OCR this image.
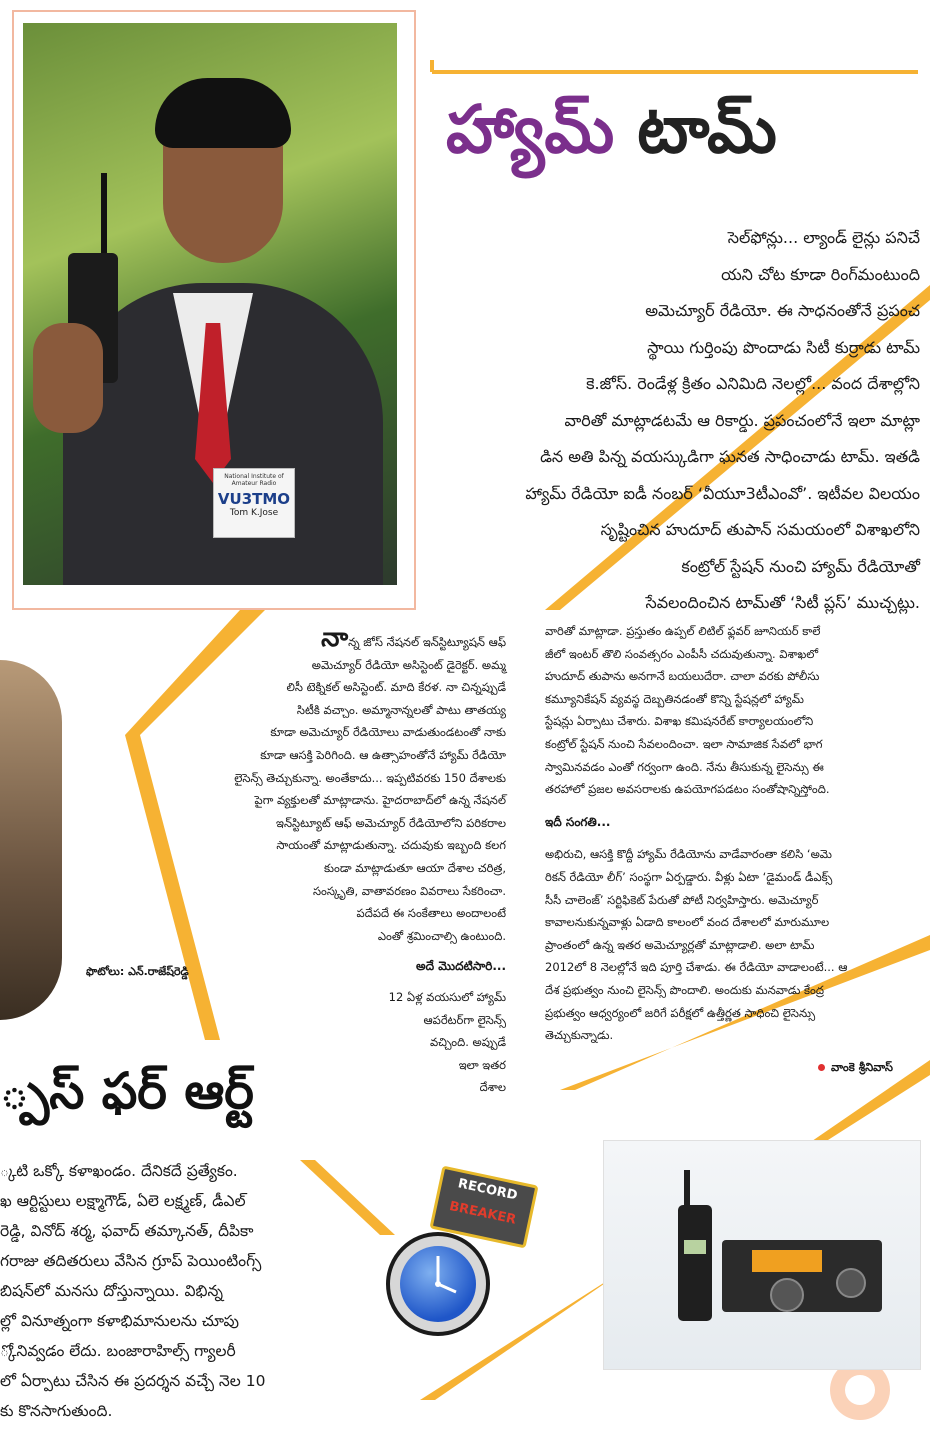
National Institute of Amateur Radio
VU3TMO
Tom K.Jose
హ్యామ్ టామ్
సెల్‌ఫోన్లు... ల్యాండ్ లైన్లు పనిచే
యని చోట కూడా రింగ్‌మంటుంది
అమెచ్యూర్ రేడియో. ఈ సాధనంతోనే ప్రపంచ
స్థాయి గుర్తింపు పొందాడు సిటీ కుర్రాడు టామ్
కె.జోస్. రెండేళ్ల క్రితం ఎనిమిది నెలల్లో... వంద దేశాల్లోని
వారితో మాట్లాడటమే ఆ రికార్డు. ప్రపంచంలోనే ఇలా మాట్లా
డిన అతి పిన్న వయస్కుడిగా ఘనత సాధించాడు టామ్. ఇతడి
హ్యామ్ రేడియో ఐడీ నంబర్ ‘వీయూ3టీఎంవో’. ఇటీవల విలయం
సృష్టించిన హుదూద్ తుపాన్ సమయంలో విశాఖలోని
కంట్రోల్ స్టేషన్ నుంచి హ్యామ్ రేడియోతో
సేవలందించిన టామ్‌తో ‘సిటీ ప్లస్’ ముచ్చట్లు.
నాన్న జోస్ నేషనల్ ఇన్‌స్టిట్యూషన్ ఆఫ్
అమెచ్యూర్ రేడియో అసిస్టెంట్ డైరెక్టర్. అమ్మ
లిసీ టెక్నికల్ అసిస్టెంట్. మాది కేరళ. నా చిన్నప్పుడే
సిటీకి వచ్చాం. అమ్మానాన్నలతో పాటు తాతయ్య
కూడా అమెచ్యూర్ రేడియోలు వాడుతుండటంతో నాకు
కూడా ఆసక్తి పెరిగింది. ఆ ఉత్సాహంతోనే హ్యామ్ రేడియో
లైసెన్స్ తెచ్చుకున్నా. అంతేకాదు... ఇప్పటివరకు 150 దేశాలకు
పైగా వ్యక్తులతో మాట్లాడాను. హైదరాబాద్‌లో ఉన్న నేషనల్
ఇన్‌స్టిట్యూట్ ఆఫ్ అమెచ్యూర్ రేడియోలోని పరికరాల
సాయంతో మాట్లాడుతున్నా. చదువుకు ఇబ్బంది కలగ
కుండా మాట్లాడుతూ ఆయా దేశాల చరిత్ర,
సంస్కృతి, వాతావరణం వివరాలు సేకరించా.
పదేపదే ఈ సంకేతాలు అందాలంటే
ఎంతో శ్రమించాల్సి ఉంటుంది.
అదే మొదటిసారి...
12 ఏళ్ల వయసులో హ్యామ్
ఆపరేటర్‌గా లైసెన్స్
వచ్చింది. అప్పుడే
ఇలా ఇతర
దేశాల
వారితో మాట్లాడా. ప్రస్తుతం ఉప్పల్ లిటిల్ ఫ్లవర్ జూనియర్ కాలే
జీలో ఇంటర్ తొలి సంవత్సరం ఎంపీసీ చదువుతున్నా. విశాఖలో
హుదూద్ తుపాను అనగానే బయలుదేరా. చాలా వరకు పోలీసు
కమ్యూనికేషన్ వ్యవస్థ దెబ్బతినడంతో కొన్ని స్టేషన్లలో హ్యామ్
స్టేషన్లు ఏర్పాటు చేశారు. విశాఖ కమిషనరేట్ కార్యాలయంలోని
కంట్రోల్ స్టేషన్ నుంచి సేవలందించా. ఇలా సామాజిక సేవలో భాగ
స్వామినవడం ఎంతో గర్వంగా ఉంది. నేను తీసుకున్న లైసెన్సు ఈ
తరహాలో ప్రజల అవసరాలకు ఉపయోగపడటం సంతోషాన్నిస్తోంది.
ఇదీ సంగతి...
అభిరుచి, ఆసక్తి కొద్దీ హ్యామ్ రేడియోను వాడేవారంతా కలిసి ‘అమె
రికన్ రేడియో లీగ్’ సంస్థగా ఏర్పడ్డారు. వీళ్లు ఏటా ‘డైమండ్ డీఎక్స్
సీసీ చాలెంజ్’ సర్టిఫికెట్ పేరుతో పోటీ నిర్వహిస్తారు. అమెచ్యూర్
కావాలనుకున్నవాళ్లు ఏడాది కాలంలో వంద దేశాలలో మారుమూల
ప్రాంతంలో ఉన్న ఇతర అమెచ్యూర్లతో మాట్లాడాలి. అలా టామ్
2012లో 8 నెలల్లోనే ఇది పూర్తి చేశాడు. ఈ రేడియో వాడాలంటే... ఆ
దేశ ప్రభుత్వం నుంచి లైసెన్స్ పొందాలి. అందుకు మనవాడు కేంద్ర
ప్రభుత్వం ఆధ్వర్యంలో జరిగే పరీక్షలో ఉత్తీర్ణత సాధించి లైసెన్సు
తెచ్చుకున్నాడు.
వాంకె శ్రీనివాస్
ఫొటోలు: ఎన్.రాజేష్‌రెడ్డి
్పస్ ఫర్ ఆర్ట్
్కటి ఒక్కో కళాఖండం. దేనికదే ప్రత్యేకం.
ఖ ఆర్టిస్టులు లక్ష్మాగౌడ్, ఏలె లక్ష్మణ్, డీఎల్
రెడ్డి, వినోద్ శర్మ, ఫవాద్ తమ్కానత్, దీపికా
గరాజు తదితరులు వేసిన గ్రూప్ పెయింటింగ్స్
బిషన్‌లో మనసు దోస్తున్నాయి. విభిన్న
ల్లో వినూత్నంగా కళాభిమానులను చూపు
్కోనివ్వడం లేదు. బంజారాహిల్స్ గ్యాలరీ
లో ఏర్పాటు చేసిన ఈ ప్రదర్శన వచ్చే నెల 10
కు కొనసాగుతుంది.
RECORD
BREAKER
